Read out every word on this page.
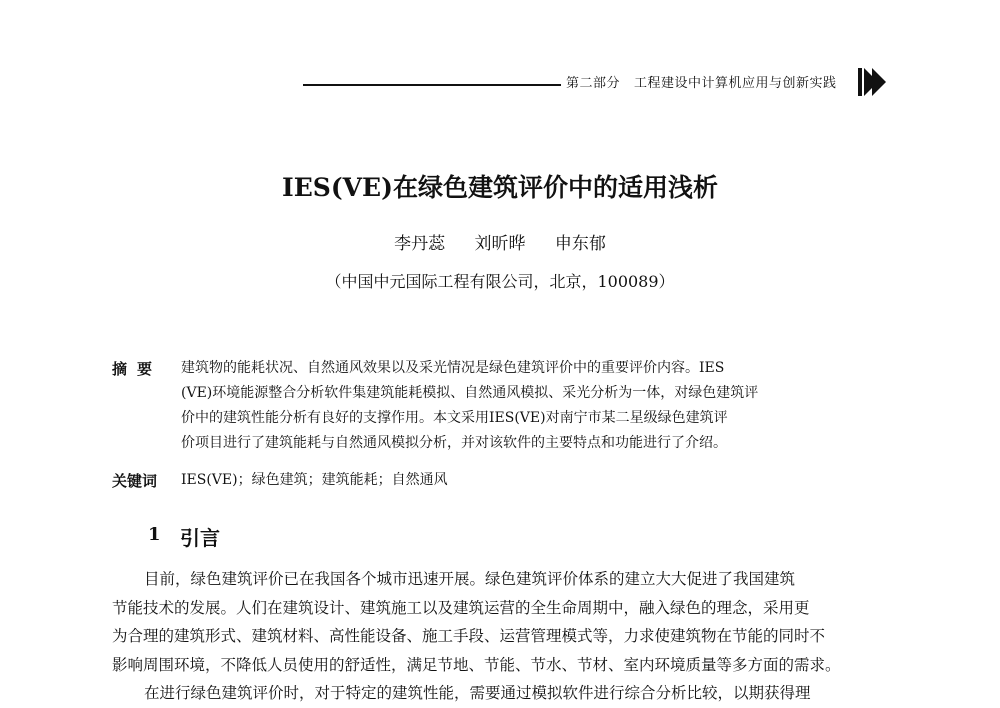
第二部分 工程建设中计算机应用与创新实践
IES(VE)在绿色建筑评价中的适用浅析
李丹蕊 刘昕晔 申东郁
（中国中元国际工程有限公司，北京，100089）
摘要 建筑物的能耗状况、自然通风效果以及采光情况是绿色建筑评价中的重要评价内容。IES
(VE)环境能源整合分析软件集建筑能耗模拟、自然通风模拟、采光分析为一体，对绿色建筑评
价中的建筑性能分析有良好的支撑作用。本文采用IES(VE)对南宁市某二星级绿色建筑评
价项目进行了建筑能耗与自然通风模拟分析，并对该软件的主要特点和功能进行了介绍。
关键词 IES(VE)；绿色建筑；建筑能耗；自然通风
1 引言
目前，绿色建筑评价已在我国各个城市迅速开展。绿色建筑评价体系的建立大大促进了我国建筑
节能技术的发展。人们在建筑设计、建筑施工以及建筑运营的全生命周期中，融入绿色的理念，采用更
为合理的建筑形式、建筑材料、高性能设备、施工手段、运营管理模式等，力求使建筑物在节能的同时不
影响周围环境，不降低人员使用的舒适性，满足节地、节能、节水、节材、室内环境质量等多方面的需求。
在进行绿色建筑评价时，对于特定的建筑性能，需要通过模拟软件进行综合分析比较，以期获得理
